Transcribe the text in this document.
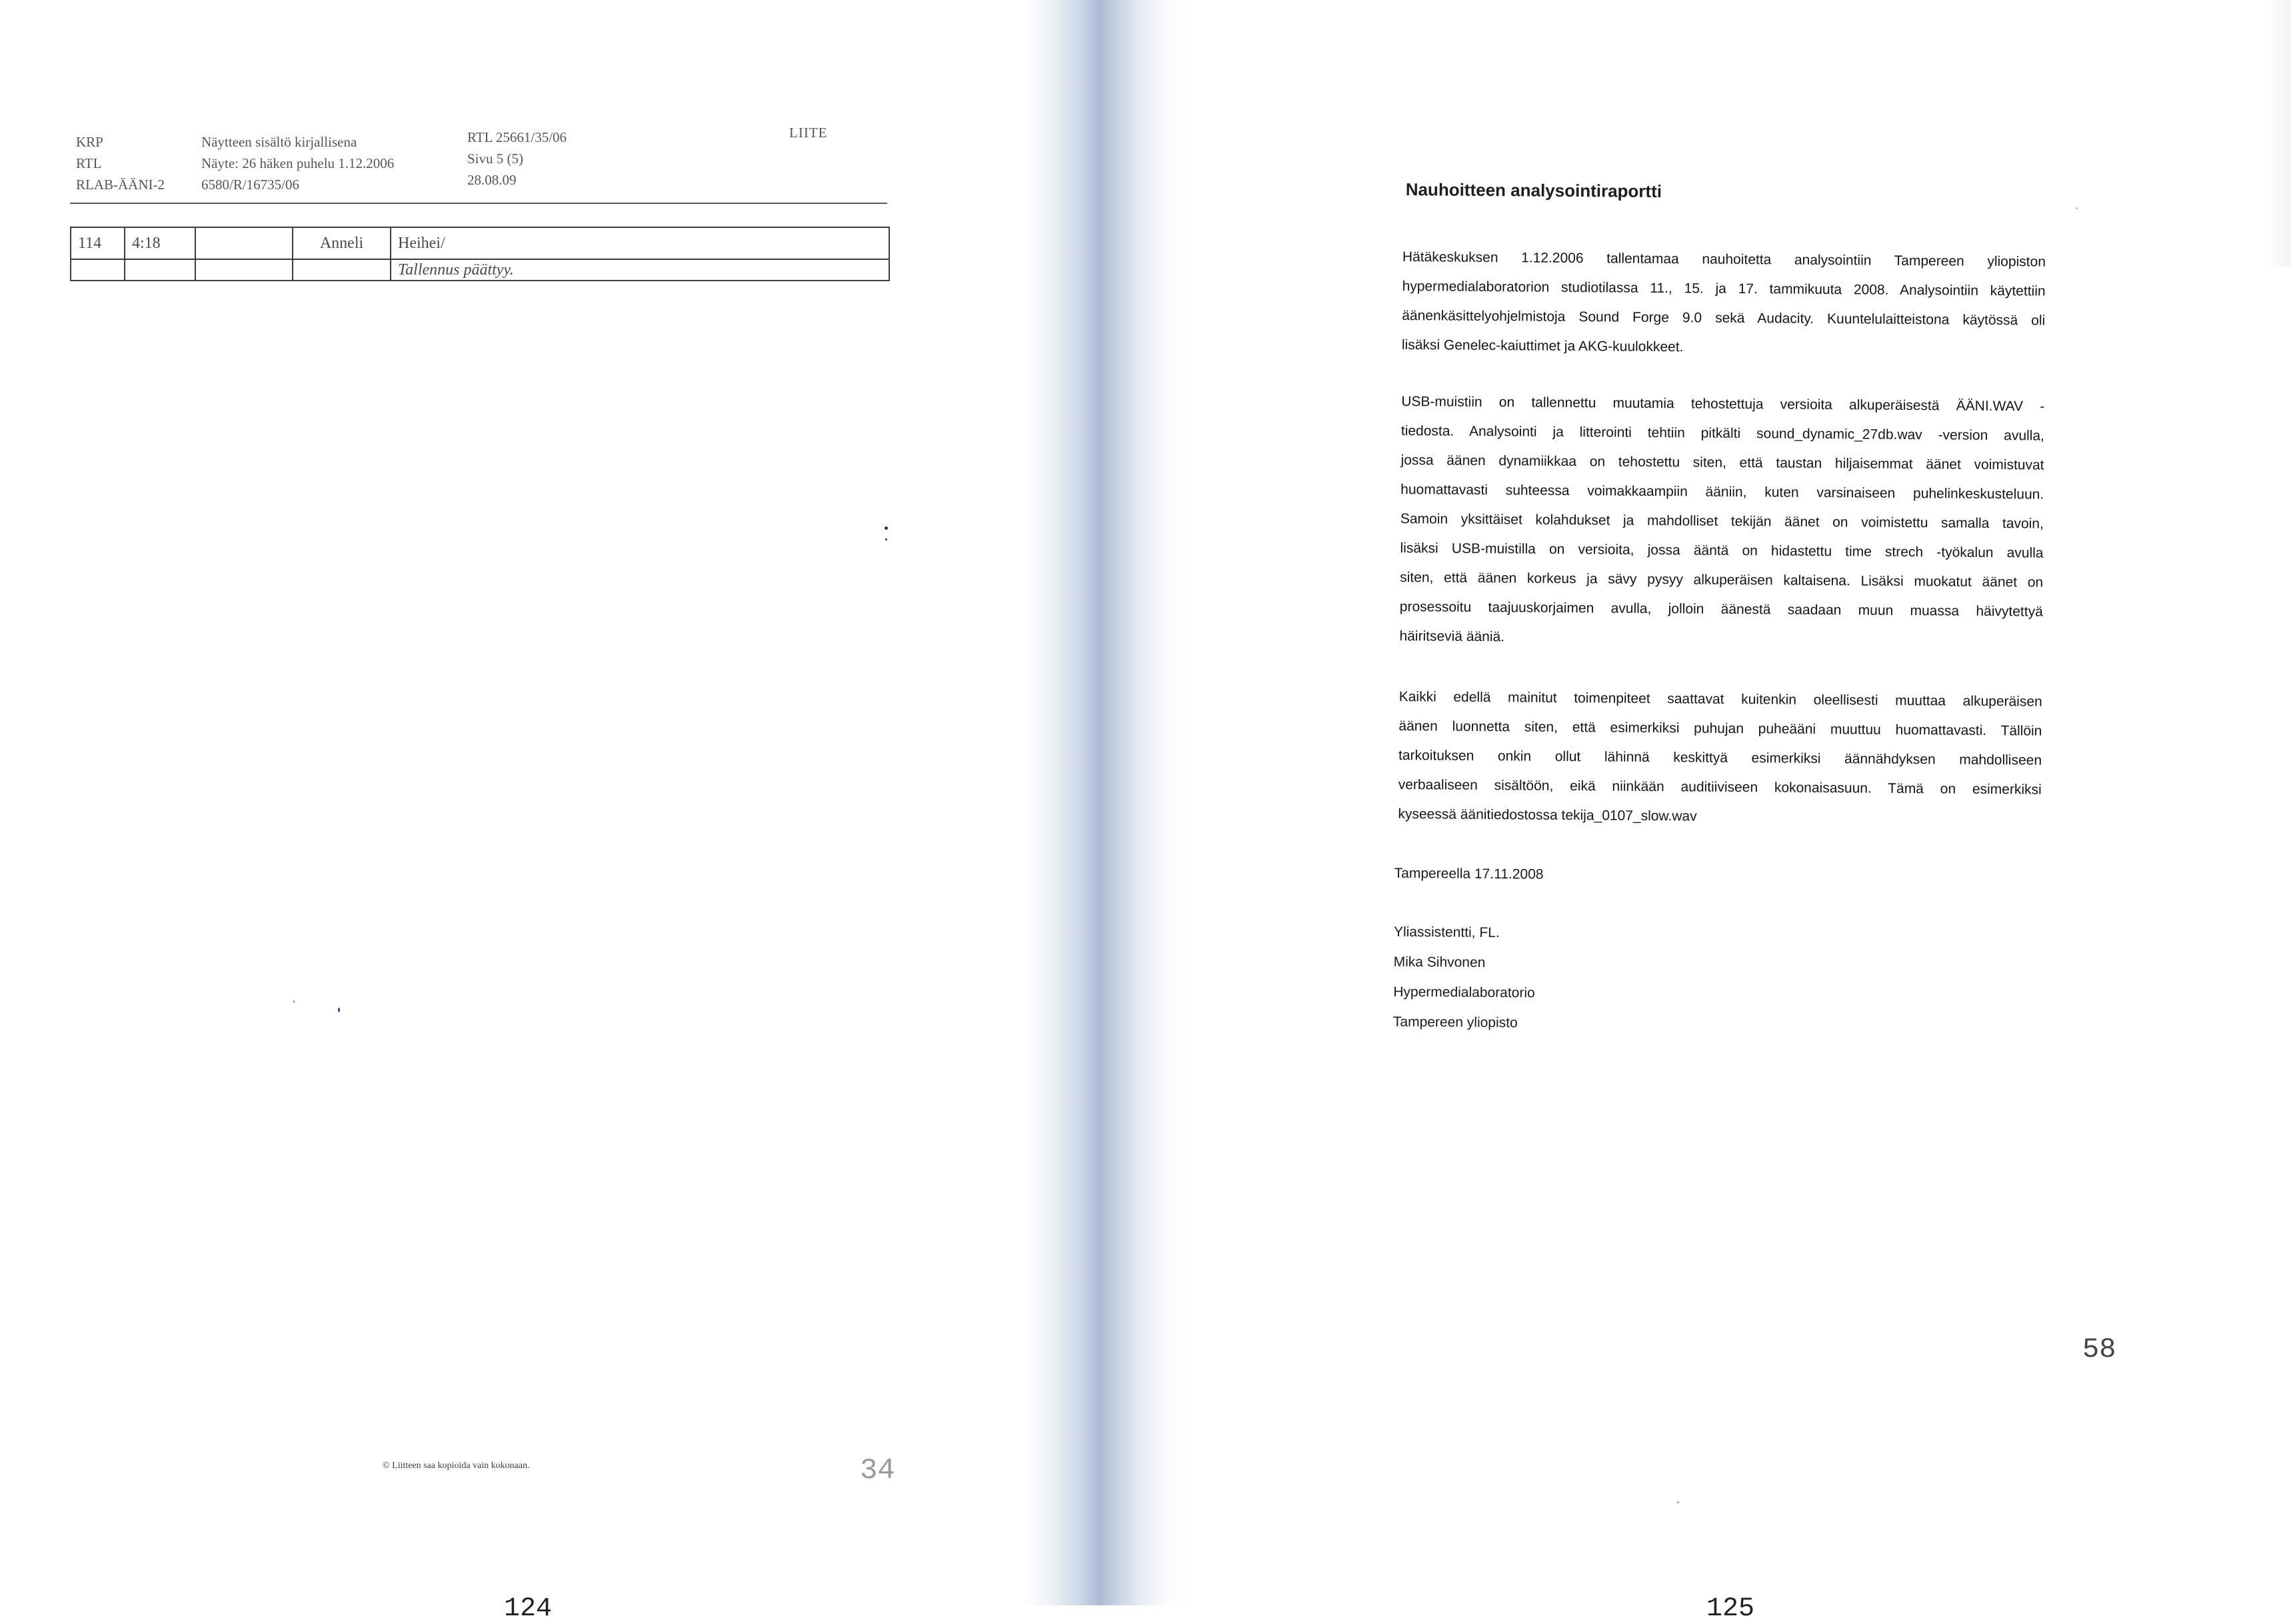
KRP
RTL
RLAB-ÄÄNI-2
Näytteen sisältö kirjallisena
Näyte: 26 häken puhelu 1.12.2006
6580/R/16735/06
RTL 25661/35/06
Sivu 5 (5)
28.08.09
LIITE
114	4:18		Anneli	Heihei/
				Tallennus päättyy.
© Liitteen saa kopioida vain kokonaan.	34
124
Nauhoitteen analysointiraportti
Hätäkeskuksen 1.12.2006 tallentamaa nauhoitetta analysointiin Tampereen yliopiston
hypermedialaboratorion studiotilassa 11., 15. ja 17. tammikuuta 2008. Analysointiin käytettiin
äänenkäsittelyohjelmistoja Sound Forge 9.0 sekä Audacity. Kuuntelulaitteistona käytössä oli
lisäksi Genelec-kaiuttimet ja AKG-kuulokkeet.
USB-muistiin on tallennettu muutamia tehostettuja versioita alkuperäisestä ÄÄNI.WAV -
tiedosta. Analysointi ja litterointi tehtiin pitkälti sound_dynamic_27db.wav -version avulla,
jossa äänen dynamiikkaa on tehostettu siten, että taustan hiljaisemmat äänet voimistuvat
huomattavasti suhteessa voimakkaampiin ääniin, kuten varsinaiseen puhelinkeskusteluun.
Samoin yksittäiset kolahdukset ja mahdolliset tekijän äänet on voimistettu samalla tavoin,
lisäksi USB-muistilla on versioita, jossa ääntä on hidastettu time strech -työkalun avulla
siten, että äänen korkeus ja sävy pysyy alkuperäisen kaltaisena. Lisäksi muokatut äänet on
prosessoitu taajuuskorjaimen avulla, jolloin äänestä saadaan muun muassa häivytettyä
häiritseviä ääniä.
Kaikki edellä mainitut toimenpiteet saattavat kuitenkin oleellisesti muuttaa alkuperäisen
äänen luonnetta siten, että esimerkiksi puhujan puheääni muuttuu huomattavasti. Tällöin
tarkoituksen onkin ollut lähinnä keskittyä esimerkiksi äännähdyksen mahdolliseen
verbaaliseen sisältöön, eikä niinkään auditiiviseen kokonaisasuun. Tämä on esimerkiksi
kyseessä äänitiedostossa tekija_0107_slow.wav
Tampereella 17.11.2008
Yliassistentti, FL.
Mika Sihvonen
Hypermedialaboratorio
Tampereen yliopisto
58
125
